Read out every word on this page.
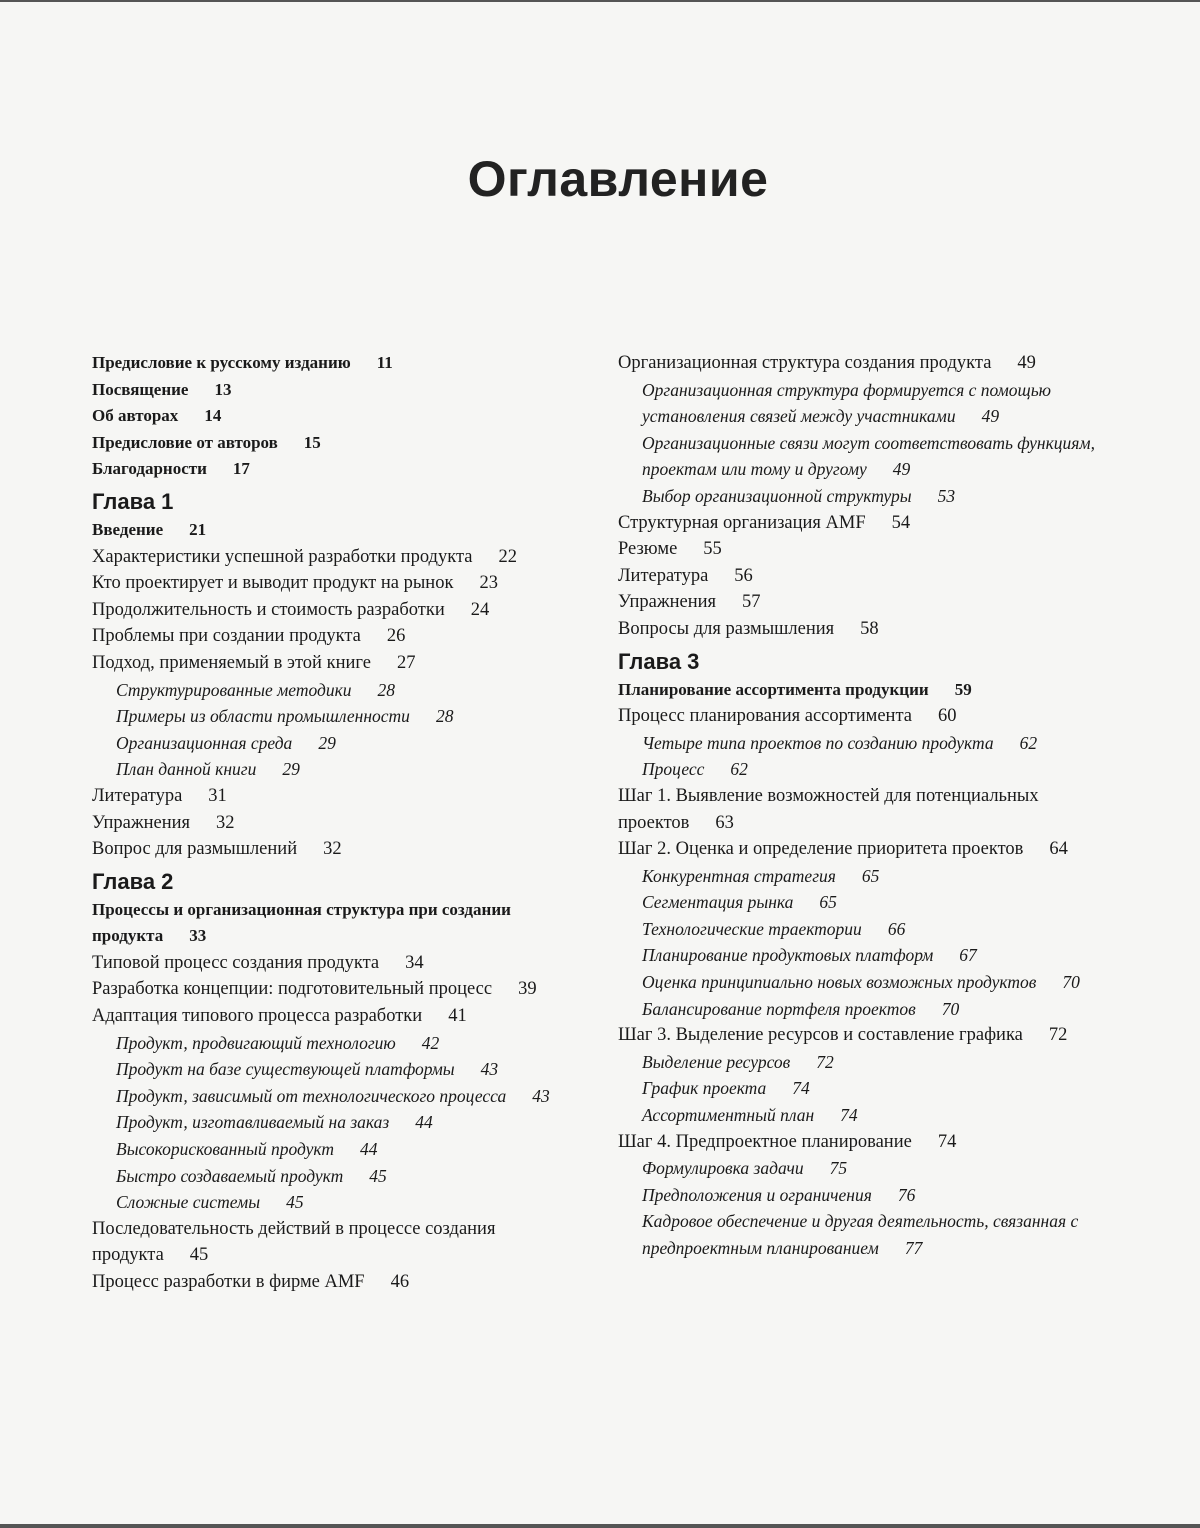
Оглавление
Предисловие к русскому изданию 11
Посвящение 13
Об авторах 14
Предисловие от авторов 15
Благодарности 17
Глава 1
Введение 21
Характеристики успешной разработки продукта 22
Кто проектирует и выводит продукт на рынок 23
Продолжительность и стоимость разработки 24
Проблемы при создании продукта 26
Подход, применяемый в этой книге 27
Структурированные методики 28
Примеры из области промышленности 28
Организационная среда 29
План данной книги 29
Литература 31
Упражнения 32
Вопрос для размышлений 32
Глава 2
Процессы и организационная структура при создании продукта 33
Типовой процесс создания продукта 34
Разработка концепции: подготовительный процесс 39
Адаптация типового процесса разработки 41
Продукт, продвигающий технологию 42
Продукт на базе существующей платформы 43
Продукт, зависимый от технологического процесса 43
Продукт, изготавливаемый на заказ 44
Высокорискованный продукт 44
Быстро создаваемый продукт 45
Сложные системы 45
Последовательность действий в процессе создания продукта 45
Процесс разработки в фирме AMF 46
Организационная структура создания продукта 49
Организационная структура формируется с помощью установления связей между участниками 49
Организационные связи могут соответствовать функциям, проектам или тому и другому 49
Выбор организационной структуры 53
Структурная организация AMF 54
Резюме 55
Литература 56
Упражнения 57
Вопросы для размышления 58
Глава 3
Планирование ассортимента продукции 59
Процесс планирования ассортимента 60
Четыре типа проектов по созданию продукта 62
Процесс 62
Шаг 1. Выявление возможностей для потенциальных проектов 63
Шаг 2. Оценка и определение приоритета проектов 64
Конкурентная стратегия 65
Сегментация рынка 65
Технологические траектории 66
Планирование продуктовых платформ 67
Оценка принципиально новых возможных продуктов 70
Балансирование портфеля проектов 70
Шаг 3. Выделение ресурсов и составление графика 72
Выделение ресурсов 72
График проекта 74
Ассортиментный план 74
Шаг 4. Предпроектное планирование 74
Формулировка задачи 75
Предположения и ограничения 76
Кадровое обеспечение и другая деятельность, связанная с предпроектным планированием 77
